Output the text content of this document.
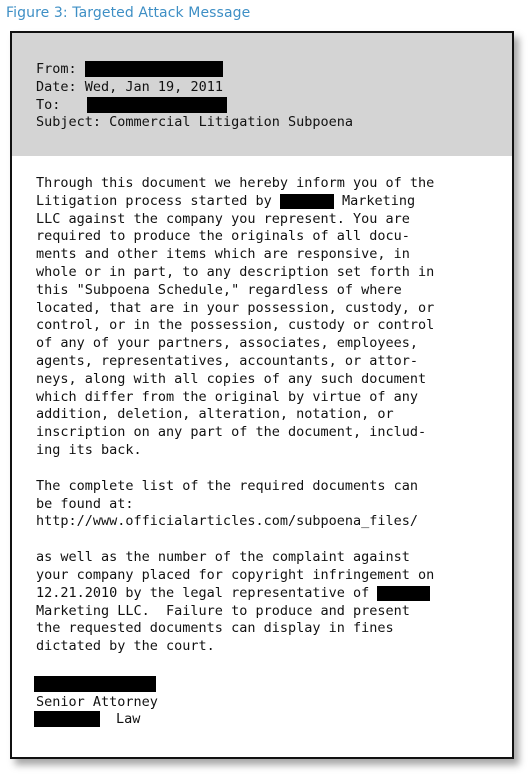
Figure 3: Targeted Attack Message
From:
Date: Wed, Jan 19, 2011
To:
Subject: Commercial Litigation Subpoena
Through this document we hereby inform you of the
Litigation process started by	Marketing
LLC against the company you represent. You are
required to produce the originals of all docu-
ments and other items which are responsive, in
whole or in part, to any description set forth in
this "Subpoena Schedule," regardless of where
located, that are in your possession, custody, or
control, or in the possession, custody or control
of any of your partners, associates, employees,
agents, representatives, accountants, or attor-
neys, along with all copies of any such document
which differ from the original by virtue of any
addition, deletion, alteration, notation, or
inscription on any part of the document, includ-
ing its back.
The complete list of the required documents can
be found at:
http://www.officialarticles.com/subpoena_files/
as well as the number of the complaint against
your company placed for copyright infringement on
12.21.2010 by the legal representative of
Marketing LLC.  Failure to produce and present
the requested documents can display in fines
dictated by the court.
Senior Attorney
Law
